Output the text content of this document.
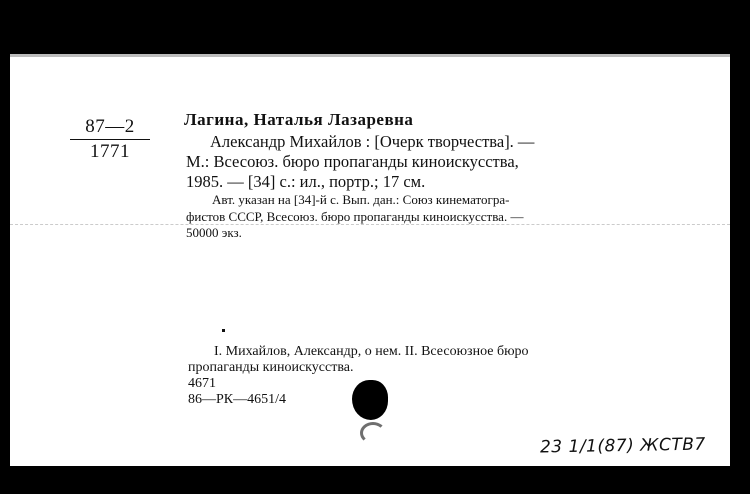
87—2
1771
Лагина, Наталья Лазаревна
Александр Михайлов : [Очерк творчества]. —
М.: Всесоюз. бюро пропаганды киноискусства,
1985. — [34] с.: ил., портр.; 17 см.
Авт. указан на [34]-й с. Вып. дан.: Союз кинематогра-
фистов СССР, Всесоюз. бюро пропаганды киноискусства. —
50000 экз.
I. Михайлов, Александр, о нем. II. Всесоюзное бюро
пропаганды киноискусства.
4671
86—РК—4651/4
23 1/1(87) ЖСТВ7
